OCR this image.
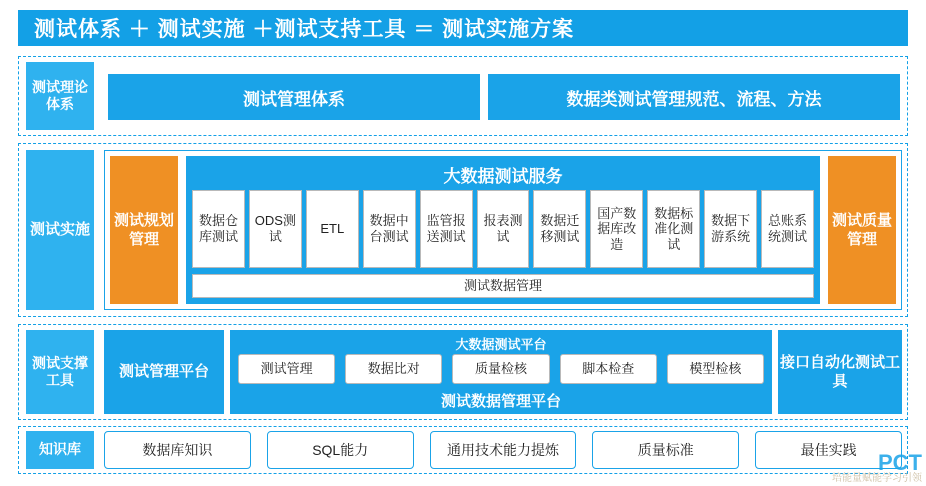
测试体系 ＋ 测试实施 ＋测试支持工具 ＝ 测试实施方案
测试理论体系	测试管理体系	数据类测试管理规范、流程、方法
测试实施
测试规划管理
大数据测试服务
数据仓库测试
ODS测试
ETL
数据中台测试
监管报送测试
报表测试
数据迁移测试
国产数据库改造
数据标准化测试
数据下游系统
总账系统测试
测试数据管理
测试质量管理
测试支撑工具	测试管理平台
大数据测试平台
测试管理	数据比对	质量检核	脚本检查	模型检核
测试数据管理平台
接口自动化测试工具
知识库	数据库知识	SQL能力	通用技术能力提炼	质量标准	最佳实践
PCT
培能量赋能学习引领
